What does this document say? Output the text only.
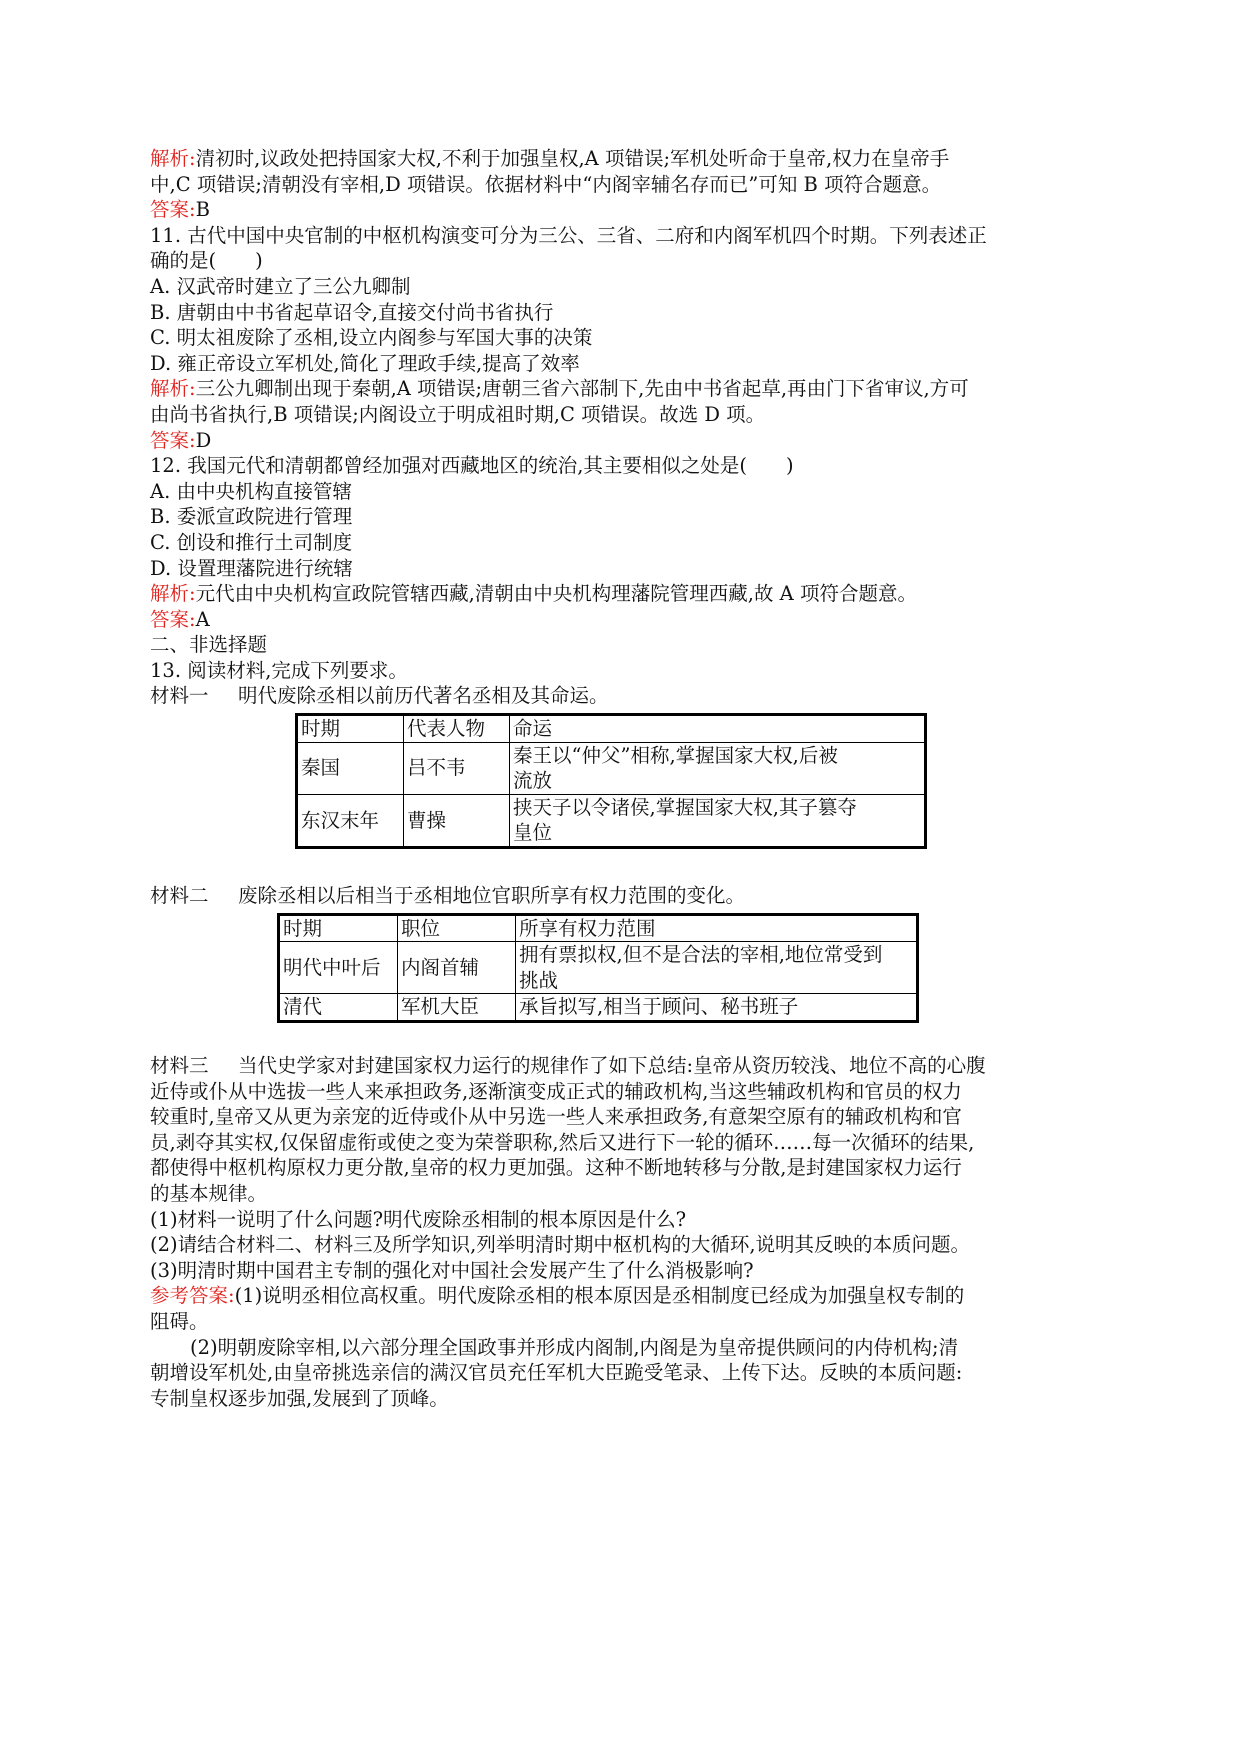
解析:清初时,议政处把持国家大权,不利于加强皇权,A 项错误;军机处听命于皇帝,权力在皇帝手
中,C 项错误;清朝没有宰相,D 项错误。依据材料中“内阁宰辅名存而已”可知 B 项符合题意。
答案:B
11. 古代中国中央官制的中枢机构演变可分为三公、三省、二府和内阁军机四个时期。下列表述正
确的是(　　)
A. 汉武帝时建立了三公九卿制
B. 唐朝由中书省起草诏令,直接交付尚书省执行
C. 明太祖废除了丞相,设立内阁参与军国大事的决策
D. 雍正帝设立军机处,简化了理政手续,提高了效率
解析:三公九卿制出现于秦朝,A 项错误;唐朝三省六部制下,先由中书省起草,再由门下省审议,方可
由尚书省执行,B 项错误;内阁设立于明成祖时期,C 项错误。故选 D 项。
答案:D
12. 我国元代和清朝都曾经加强对西藏地区的统治,其主要相似之处是(　　)
A. 由中央机构直接管辖
B. 委派宣政院进行管理
C. 创设和推行土司制度
D. 设置理藩院进行统辖
解析:元代由中央机构宣政院管辖西藏,清朝由中央机构理藩院管理西藏,故 A 项符合题意。
答案:A
二、非选择题
13. 阅读材料,完成下列要求。
材料一 明代废除丞相以前历代著名丞相及其命运。
时期	代表人物	命运
秦国	吕不韦	秦王以“仲父”相称,掌握国家大权,后被
流放

东汉末年	曹操	挟天子以令诸侯,掌握国家大权,其子篡夺
皇位
材料二 废除丞相以后相当于丞相地位官职所享有权力范围的变化。
时期	职位	所享有权力范围
明代中叶后	内阁首辅	拥有票拟权,但不是合法的宰相,地位常受到
挑战

清代	军机大臣	承旨拟写,相当于顾问、秘书班子
材料三 当代史学家对封建国家权力运行的规律作了如下总结:皇帝从资历较浅、地位不高的心腹
近侍或仆从中选拔一些人来承担政务,逐渐演变成正式的辅政机构,当这些辅政机构和官员的权力
较重时,皇帝又从更为亲宠的近侍或仆从中另选一些人来承担政务,有意架空原有的辅政机构和官
员,剥夺其实权,仅保留虚衔或使之变为荣誉职称,然后又进行下一轮的循环……每一次循环的结果,
都使得中枢机构原权力更分散,皇帝的权力更加强。这种不断地转移与分散,是封建国家权力运行
的基本规律。
(1)材料一说明了什么问题?明代废除丞相制的根本原因是什么?
(2)请结合材料二、材料三及所学知识,列举明清时期中枢机构的大循环,说明其反映的本质问题。
(3)明清时期中国君主专制的强化对中国社会发展产生了什么消极影响?
参考答案:(1)说明丞相位高权重。明代废除丞相的根本原因是丞相制度已经成为加强皇权专制的
阻碍。
(2)明朝废除宰相,以六部分理全国政事并形成内阁制,内阁是为皇帝提供顾问的内侍机构;清
朝增设军机处,由皇帝挑选亲信的满汉官员充任军机大臣跪受笔录、上传下达。反映的本质问题:
专制皇权逐步加强,发展到了顶峰。
